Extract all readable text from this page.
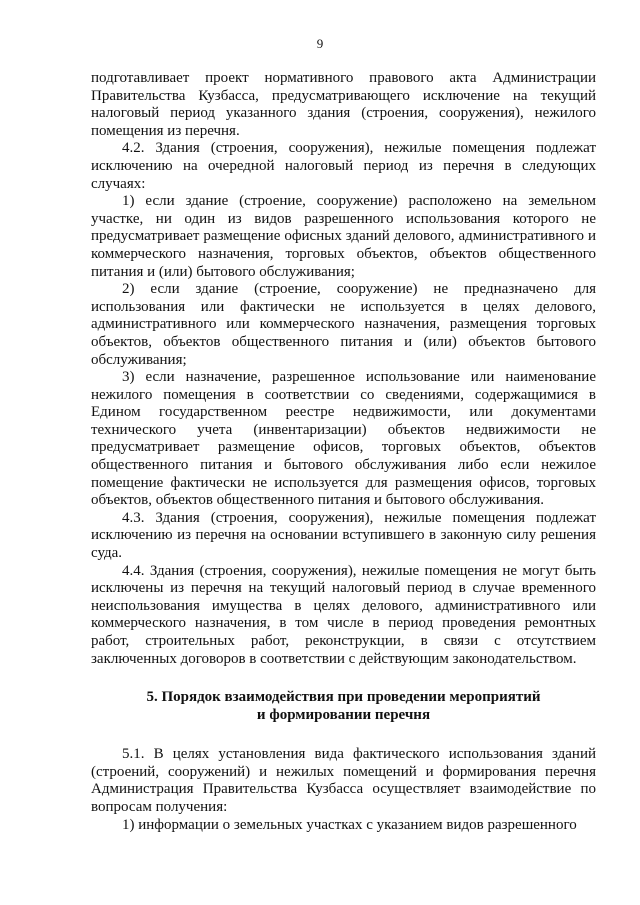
9

подготавливает проект нормативного правового акта Администрации Правительства Кузбасса, предусматривающего исключение на текущий налоговый период указанного здания (строения, сооружения), нежилого помещения из перечня.

4.2. Здания (строения, сооружения), нежилые помещения подлежат исключению на очередной налоговый период из перечня в следующих случаях:

1) если здание (строение, сооружение) расположено на земельном участке, ни один из видов разрешенного использования которого не предусматривает размещение офисных зданий делового, административного и коммерческого назначения, торговых объектов, объектов общественного питания и (или) бытового обслуживания;

2) если здание (строение, сооружение) не предназначено для использования или фактически не используется в целях делового, административного или коммерческого назначения, размещения торговых объектов, объектов общественного питания и (или) объектов бытового обслуживания;

3) если назначение, разрешенное использование или наименование нежилого помещения в соответствии со сведениями, содержащимися в Едином государственном реестре недвижимости, или документами технического учета (инвентаризации) объектов недвижимости не предусматривает размещение офисов, торговых объектов, объектов общественного питания и бытового обслуживания либо если нежилое помещение фактически не используется для размещения офисов, торговых объектов, объектов общественного питания и бытового обслуживания.

4.3. Здания (строения, сооружения), нежилые помещения подлежат исключению из перечня на основании вступившего в законную силу решения суда.

4.4. Здания (строения, сооружения), нежилые помещения не могут быть исключены из перечня на текущий налоговый период в случае временного неиспользования имущества в целях делового, административного или коммерческого назначения, в том числе в период проведения ремонтных работ, строительных работ, реконструкции, в связи с отсутствием заключенных договоров в соответствии с действующим законодательством.

5. Порядок взаимодействия при проведении мероприятий

и формировании перечня

5.1. В целях установления вида фактического использования зданий (строений, сооружений) и нежилых помещений и формирования перечня Администрация Правительства Кузбасса осуществляет взаимодействие по вопросам получения:

1) информации о земельных участках с указанием видов разрешенного
